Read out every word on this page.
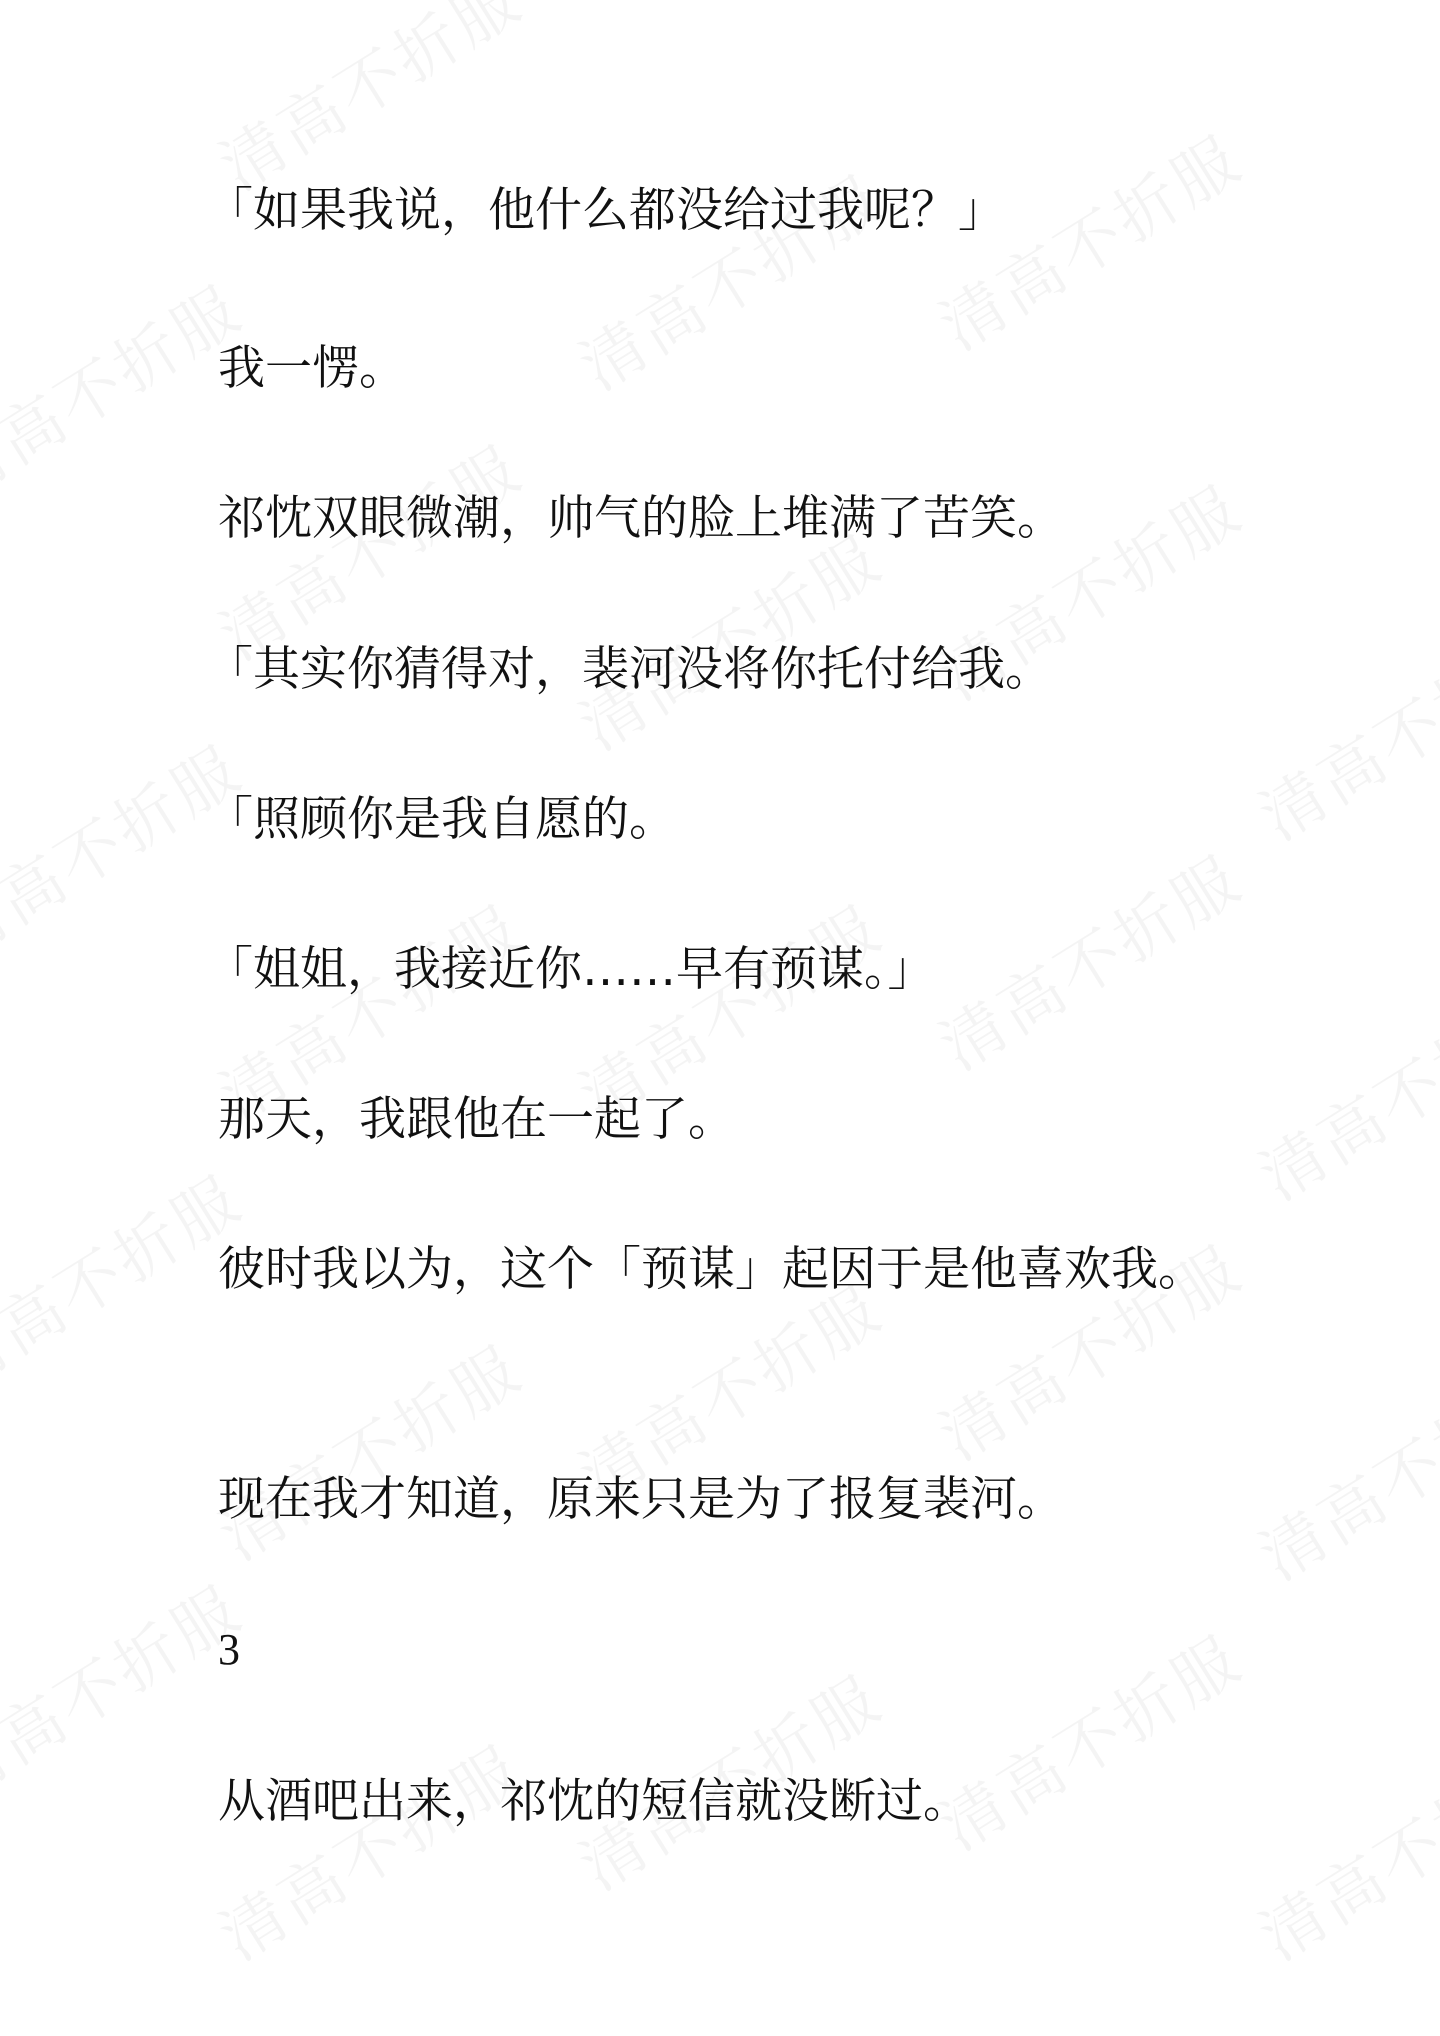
「如果我说，他什么都没给过我呢？」

我一愣。

祁忱双眼微潮，帅气的脸上堆满了苦笑。

「其实你猜得对，裴河没将你托付给我。

「照顾你是我自愿的。

「姐姐，我接近你……早有预谋。」

那天，我跟他在一起了。

彼时我以为，这个「预谋」起因于是他喜欢我。

现在我才知道，原来只是为了报复裴河。

3

从酒吧出来，祁忱的短信就没断过。
